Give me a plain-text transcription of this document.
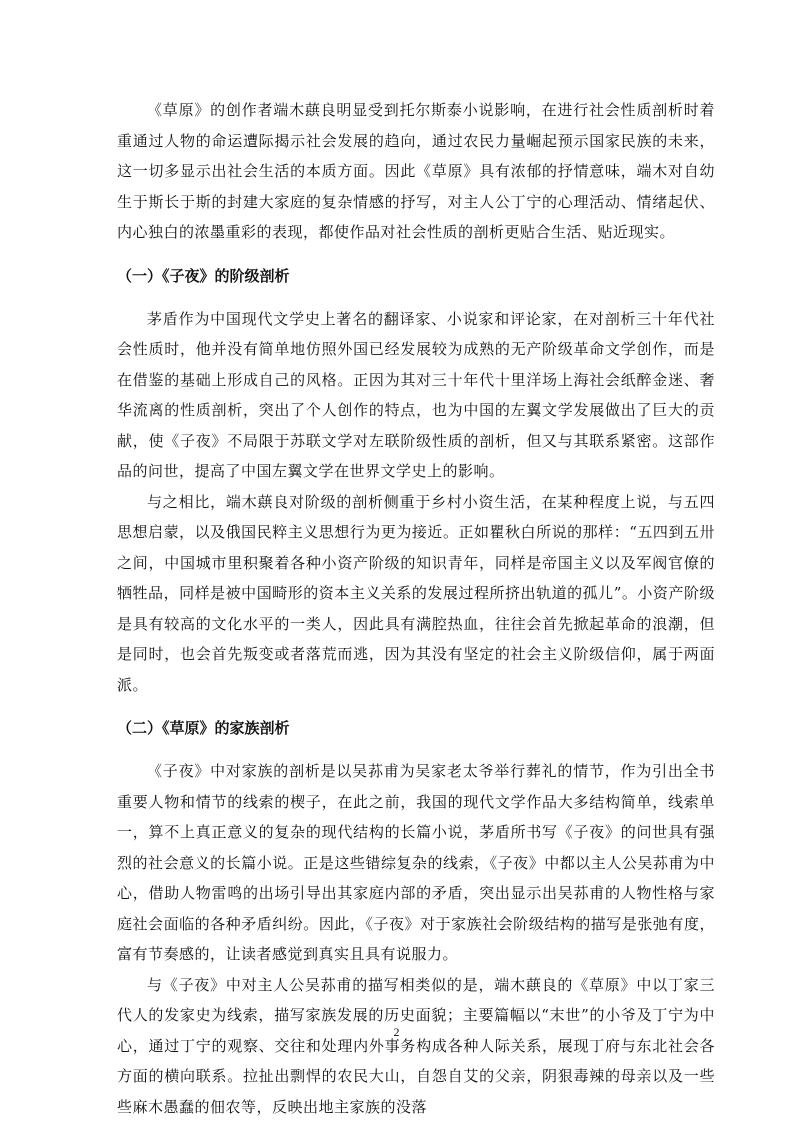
《草原》的创作者端木蕻良明显受到托尔斯泰小说影响，在进行社会性质剖析时着重通过人物的命运遭际揭示社会发展的趋向，通过农民力量崛起预示国家民族的未来，这一切多显示出社会生活的本质方面。因此《草原》具有浓郁的抒情意味，端木对自幼生于斯长于斯的封建大家庭的复杂情感的抒写，对主人公丁宁的心理活动、情绪起伏、内心独白的浓墨重彩的表现，都使作品对社会性质的剖析更贴合生活、贴近现实。

（一）《子夜》的阶级剖析

茅盾作为中国现代文学史上著名的翻译家、小说家和评论家，在对剖析三十年代社会性质时，他并没有简单地仿照外国已经发展较为成熟的无产阶级革命文学创作，而是在借鉴的基础上形成自己的风格。正因为其对三十年代十里洋场上海社会纸醉金迷、奢华流离的性质剖析，突出了个人创作的特点，也为中国的左翼文学发展做出了巨大的贡献，使《子夜》不局限于苏联文学对左联阶级性质的剖析，但又与其联系紧密。这部作品的问世，提高了中国左翼文学在世界文学史上的影响。

与之相比，端木蕻良对阶级的剖析侧重于乡村小资生活，在某种程度上说，与五四思想启蒙，以及俄国民粹主义思想行为更为接近。正如瞿秋白所说的那样：“五四到五卅之间，中国城市里积聚着各种小资产阶级的知识青年，同样是帝国主义以及军阀官僚的牺牲品，同样是被中国畸形的资本主义关系的发展过程所挤出轨道的孤儿”。小资产阶级是具有较高的文化水平的一类人，因此具有满腔热血，往往会首先掀起革命的浪潮，但是同时，也会首先叛变或者落荒而逃，因为其没有坚定的社会主义阶级信仰，属于两面派。

（二）《草原》的家族剖析

《子夜》中对家族的剖析是以吴荪甫为吴家老太爷举行葬礼的情节，作为引出全书重要人物和情节的线索的楔子，在此之前，我国的现代文学作品大多结构简单，线索单一，算不上真正意义的复杂的现代结构的长篇小说，茅盾所书写《子夜》的问世具有强烈的社会意义的长篇小说。正是这些错综复杂的线索，《子夜》中都以主人公吴荪甫为中心，借助人物雷鸣的出场引导出其家庭内部的矛盾，突出显示出吴荪甫的人物性格与家庭社会面临的各种矛盾纠纷。因此，《子夜》对于家族社会阶级结构的描写是张弛有度，富有节奏感的，让读者感觉到真实且具有说服力。

与《子夜》中对主人公吴荪甫的描写相类似的是，端木蕻良的《草原》中以丁家三代人的发家史为线索，描写家族发展的历史面貌；主要篇幅以“末世”的小爷及丁宁为中心，通过丁宁的观察、交往和处理内外事务构成各种人际关系，展现丁府与东北社会各方面的横向联系。拉扯出剽悍的农民大山，自怨自艾的父亲，阴狠毒辣的母亲以及一些些麻木愚蠢的佃农等，反映出地主家族的没落

2
